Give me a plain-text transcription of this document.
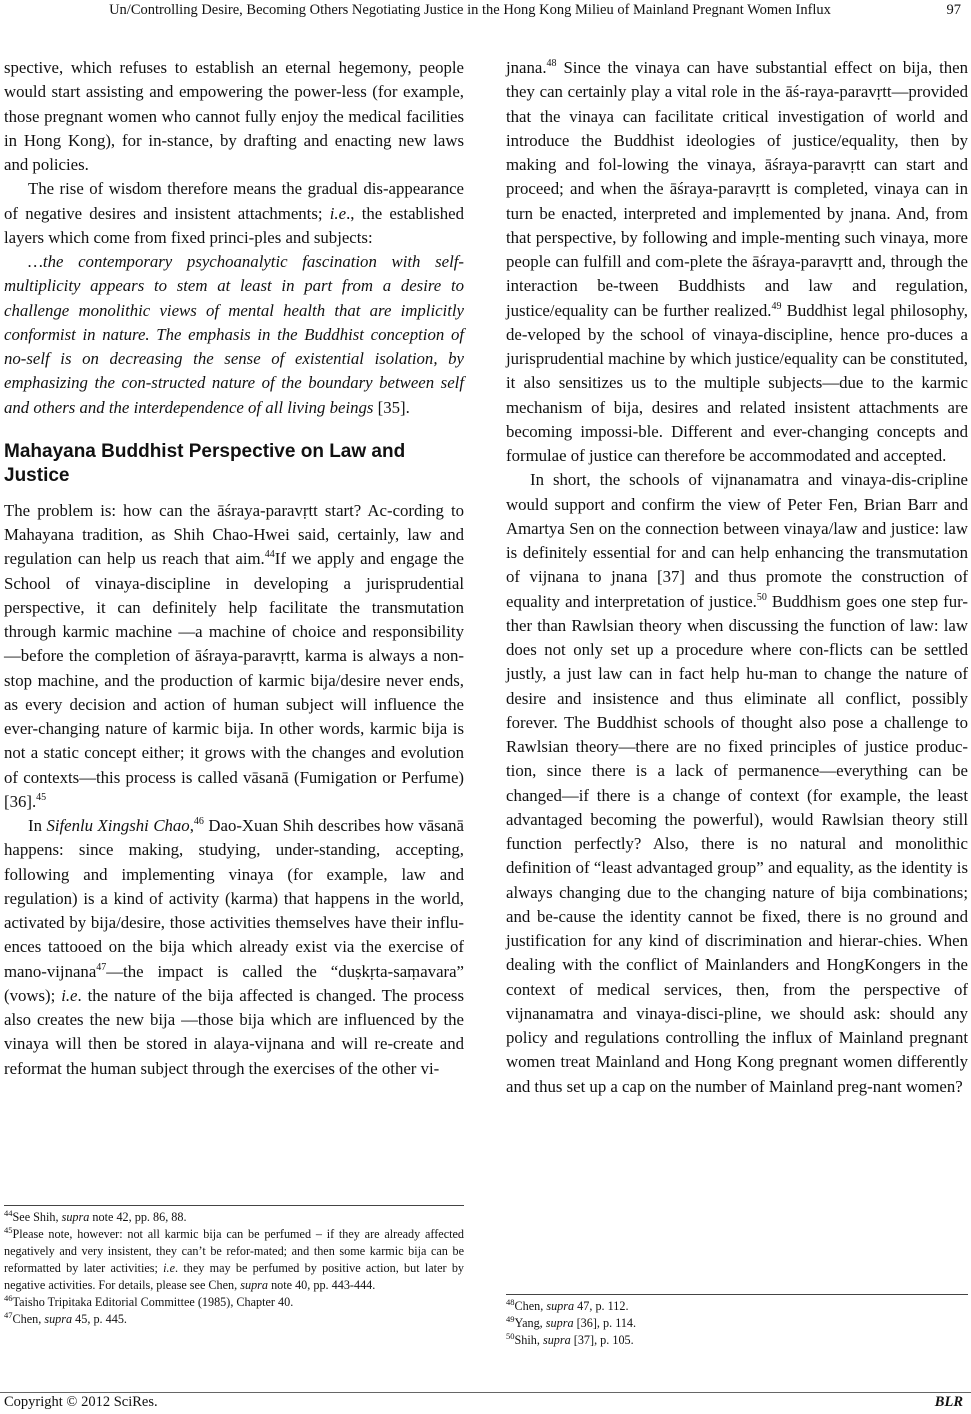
Un/Controlling Desire, Becoming Others Negotiating Justice in the Hong Kong Milieu of Mainland Pregnant Women Influx	97

spective, which refuses to establish an eternal hegemony, people would start assisting and empowering the power-less (for example, those pregnant women who cannot fully enjoy the medical facilities in Hong Kong), for in-stance, by drafting and enacting new laws and policies.

The rise of wisdom therefore means the gradual dis-appearance of negative desires and insistent attachments; i.e., the established layers which come from fixed princi-ples and subjects:

…the contemporary psychoanalytic fascination with self-multiplicity appears to stem at least in part from a desire to challenge monolithic views of mental health that are implicitly conformist in nature. The emphasis in the Buddhist conception of no-self is on decreasing the sense of existential isolation, by emphasizing the con-structed nature of the boundary between self and others and the interdependence of all living beings [35].

Mahayana Buddhist Perspective on Law and Justice

The problem is: how can the āśraya-paravṛtt start? Ac-cording to Mahayana tradition, as Shih Chao-Hwei said, certainly, law and regulation can help us reach that aim.$^{44}$If we apply and engage the School of vinaya-discipline in developing a jurisprudential perspective, it can definitely help facilitate the transmutation through karmic machine —a machine of choice and responsibility—before the completion of āśraya-paravṛtt, karma is always a non-stop machine, and the production of karmic bija/desire never ends, as every decision and action of human subject will influence the ever-changing nature of karmic bija. In other words, karmic bija is not a static concept either; it grows with the changes and evolution of contexts—this process is called vāsanā (Fumigation or Perfume) [36].$^{45}$

In Sifenlu Xingshi Chao,$^{46}$ Dao-Xuan Shih describes how vāsanā happens: since making, studying, under-standing, accepting, following and implementing vinaya (for example, law and regulation) is a kind of activity (karma) that happens in the world, activated by bija/desire, those activities themselves have their influ-ences tattooed on the bija which already exist via the exercise of mano-vijnana$^{47}$—the impact is called the “duṣkṛta-saṃavara” (vows); i.e. the nature of the bija affected is changed. The process also creates the new bija —those bija which are influenced by the vinaya will then be stored in alaya-vijnana and will re-create and reformat the human subject through the exercises of the other vi-

jnana.$^{48}$ Since the vinaya can have substantial effect on bija, then they can certainly play a vital role in the āś-raya-paravṛtt—provided that the vinaya can facilitate critical investigation of world and introduce the Buddhist ideologies of justice/equality, then by making and fol-lowing the vinaya, āśraya-paravṛtt can start and proceed; and when the āśraya-paravṛtt is completed, vinaya can in turn be enacted, interpreted and implemented by jnana. And, from that perspective, by following and imple-menting such vinaya, more people can fulfill and com-plete the āśraya-paravṛtt and, through the interaction be-tween Buddhists and law and regulation, justice/equality can be further realized.$^{49}$ Buddhist legal philosophy, de-veloped by the school of vinaya-discipline, hence pro-duces a jurisprudential machine by which justice/equality can be constituted, it also sensitizes us to the multiple subjects—due to the karmic mechanism of bija, desires and related insistent attachments are becoming impossi-ble. Different and ever-changing concepts and formulae of justice can therefore be accommodated and accepted.

In short, the schools of vijnanamatra and vinaya-dis-cripline would support and confirm the view of Peter Fen, Brian Barr and Amartya Sen on the connection between vinaya/law and justice: law is definitely essential for and can help enhancing the transmutation of vijnana to jnana [37] and thus promote the construction of equality and interpretation of justice.$^{50}$ Buddhism goes one step fur-ther than Rawlsian theory when discussing the function of law: law does not only set up a procedure where con-flicts can be settled justly, a just law can in fact help hu-man to change the nature of desire and insistence and thus eliminate all conflict, possibly forever. The Buddhist schools of thought also pose a challenge to Rawlsian theory—there are no fixed principles of justice produc-tion, since there is a lack of permanence—everything can be changed—if there is a change of context (for example, the least advantaged becoming the powerful), would Rawlsian theory still function perfectly? Also, there is no natural and monolithic definition of “least advantaged group” and equality, as the identity is always changing due to the changing nature of bija combinations; and be-cause the identity cannot be fixed, there is no ground and justification for any kind of discrimination and hierar-chies. When dealing with the conflict of Mainlanders and HongKongers in the context of medical services, then, from the perspective of vijnanamatra and vinaya-disci-pline, we should ask: should any policy and regulations controlling the influx of Mainland pregnant women treat Mainland and Hong Kong pregnant women differently and thus set up a cap on the number of Mainland preg-nant women?

$^{44}$See Shih, supra note 42, pp. 86, 88.

$^{45}$Please note, however: not all karmic bija can be perfumed – if they are already affected negatively and very insistent, they can’t be refor-mated; and then some karmic bija can be reformatted by later activities; i.e. they may be perfumed by positive action, but later by negative activities. For details, please see Chen, supra note 40, pp. 443-444.

$^{46}$Taisho Tripitaka Editorial Committee (1985), Chapter 40.

$^{47}$Chen, supra 45, p. 445.

$^{48}$Chen, supra 47, p. 112.

$^{49}$Yang, supra [36], p. 114.

$^{50}$Shih, supra [37], p. 105.

Copyright © 2012 SciRes.	BLR
